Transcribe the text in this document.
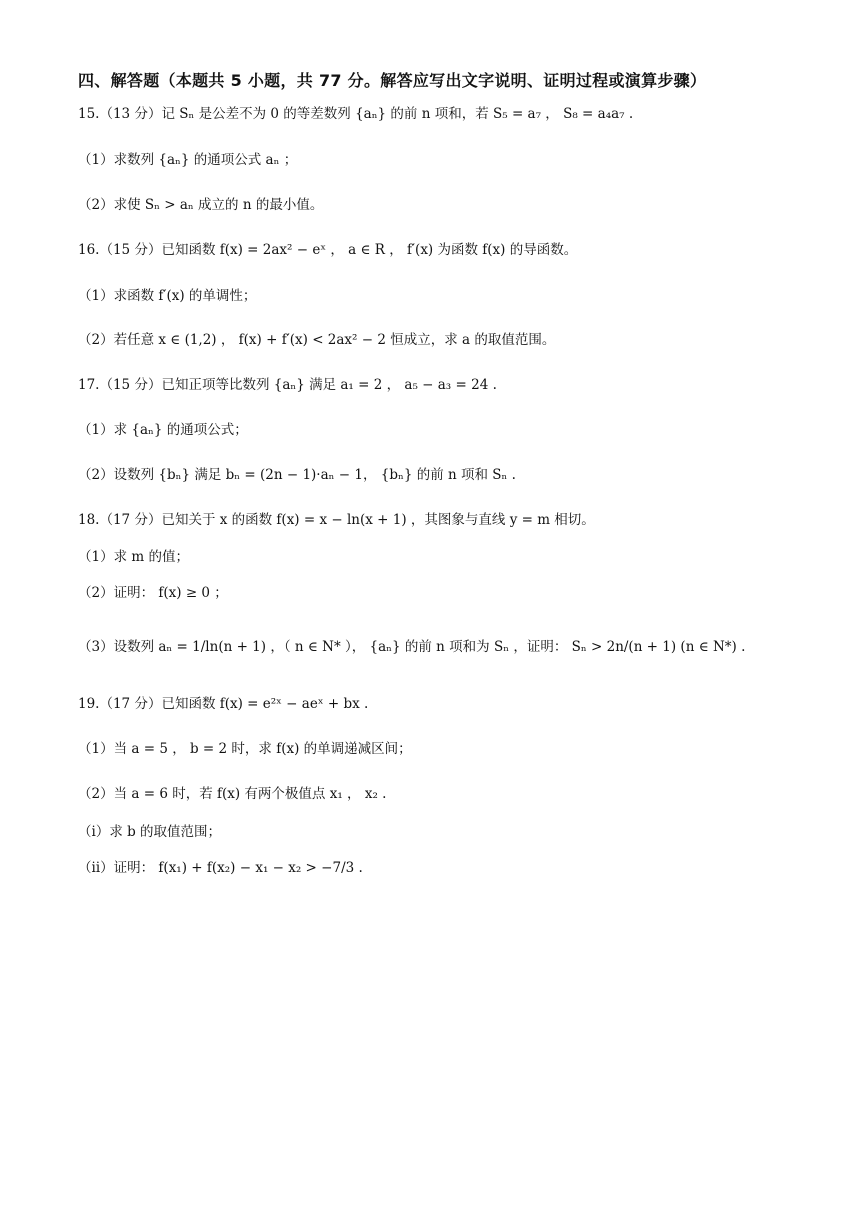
四、解答题（本题共 5 小题，共 77 分。解答应写出文字说明、证明过程或演算步骤）
15.（13 分）记 Sₙ 是公差不为 0 的等差数列 {aₙ} 的前 n 项和，若 S₅ = a₇ ， S₈ = a₄a₇ .
（1）求数列 {aₙ} 的通项公式 aₙ ；
（2）求使 Sₙ > aₙ 成立的 n 的最小值。
16.（15 分）已知函数 f(x) = 2ax² − eˣ ， a ∈ R ， f′(x) 为函数 f(x) 的导函数。
（1）求函数 f′(x) 的单调性；
（2）若任意 x ∈ (1,2) ， f(x) + f′(x) < 2ax² − 2 恒成立，求 a 的取值范围。
17.（15 分）已知正项等比数列 {aₙ} 满足 a₁ = 2 ， a₅ − a₃ = 24 .
（1）求 {aₙ} 的通项公式；
（2）设数列 {bₙ} 满足 bₙ = (2n − 1)·aₙ − 1， {bₙ} 的前 n 项和 Sₙ .
18.（17 分）已知关于 x 的函数 f(x) = x − ln(x + 1) ，其图象与直线 y = m 相切。
（1）求 m 的值；
（2）证明： f(x) ≥ 0 ；
（3）设数列 aₙ = 1/ln(n + 1) ，（ n ∈ N* ）， {aₙ} 的前 n 项和为 Sₙ ，证明： Sₙ > 2n/(n + 1) (n ∈ N*) .
19.（17 分）已知函数 f(x) = e²ˣ − aeˣ + bx .
（1）当 a = 5 ， b = 2 时，求 f(x) 的单调递减区间；
（2）当 a = 6 时，若 f(x) 有两个极值点 x₁ ， x₂ .
（ⅰ）求 b 的取值范围；
（ⅱ）证明： f(x₁) + f(x₂) − x₁ − x₂ > −7/3 .
